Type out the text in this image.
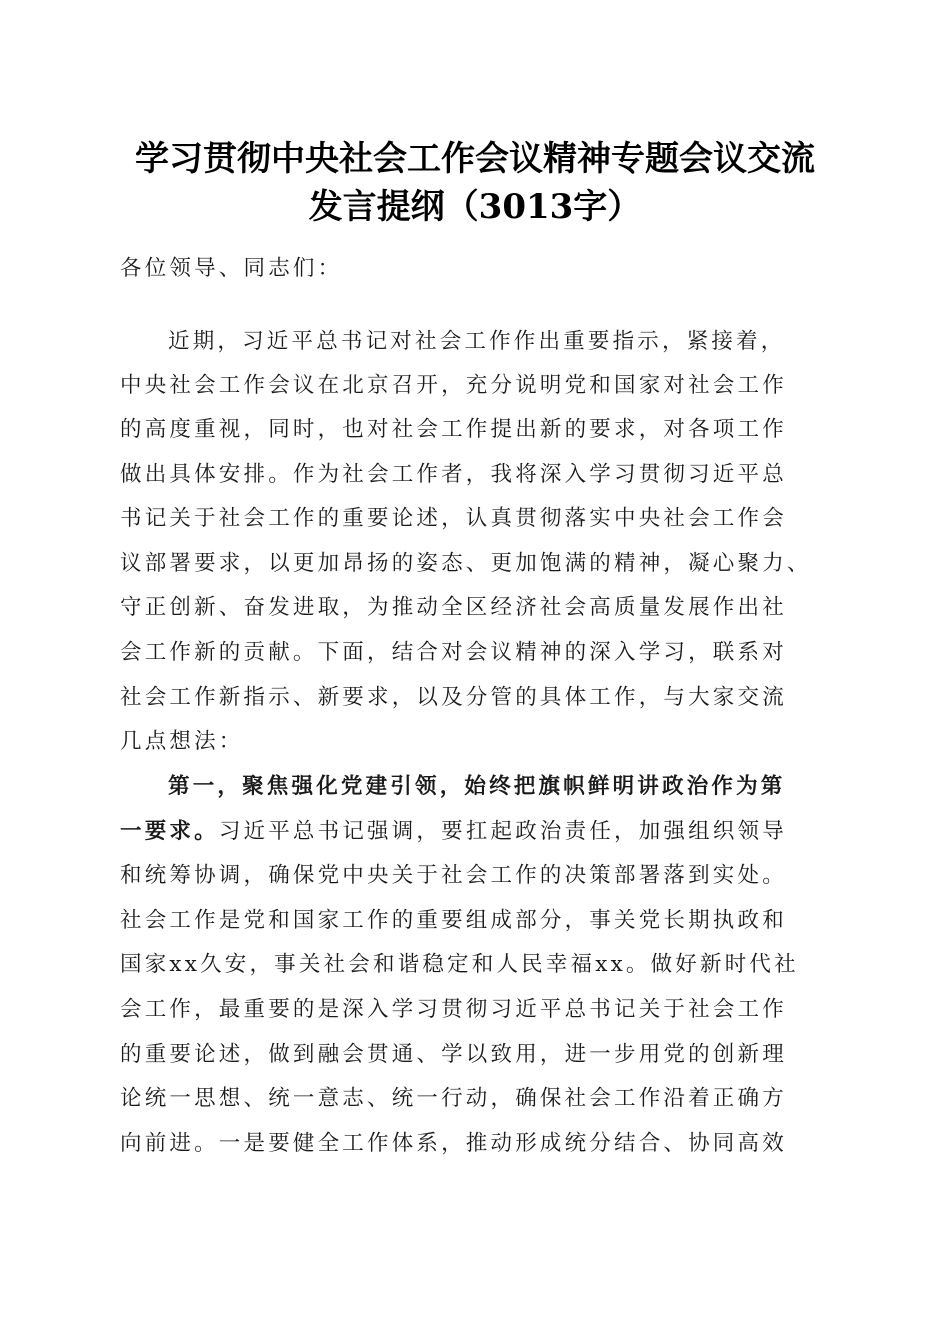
学习贯彻中央社会工作会议精神专题会议交流
发言提纲（3013字）
各位领导、同志们：
近期，习近平总书记对社会工作作出重要指示，紧接着，
中央社会工作会议在北京召开，充分说明党和国家对社会工作
的高度重视，同时，也对社会工作提出新的要求，对各项工作
做出具体安排。作为社会工作者，我将深入学习贯彻习近平总
书记关于社会工作的重要论述，认真贯彻落实中央社会工作会
议部署要求，以更加昂扬的姿态、更加饱满的精神，凝心聚力、
守正创新、奋发进取，为推动全区经济社会高质量发展作出社
会工作新的贡献。下面，结合对会议精神的深入学习，联系对
社会工作新指示、新要求，以及分管的具体工作，与大家交流
几点想法：
第一，聚焦强化党建引领，始终把旗帜鲜明讲政治作为第
一要求。习近平总书记强调，要扛起政治责任，加强组织领导
和统筹协调，确保党中央关于社会工作的决策部署落到实处。
社会工作是党和国家工作的重要组成部分，事关党长期执政和
国家xx久安，事关社会和谐稳定和人民幸福xx。做好新时代社
会工作，最重要的是深入学习贯彻习近平总书记关于社会工作
的重要论述，做到融会贯通、学以致用，进一步用党的创新理
论统一思想、统一意志、统一行动，确保社会工作沿着正确方
向前进。一是要健全工作体系，推动形成统分结合、协同高效
